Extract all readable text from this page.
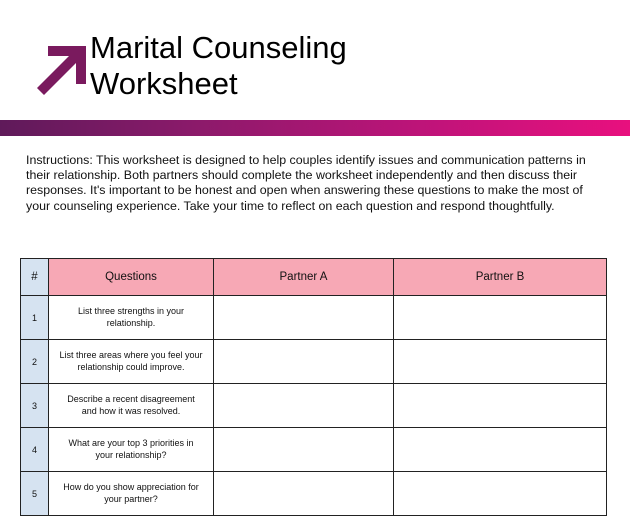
Marital Counseling
Worksheet

Instructions: This worksheet is designed to help couples identify issues and communication patterns in their relationship. Both partners should complete the worksheet independently and then discuss their responses. It's important to be honest and open when answering these questions to make the most of your counseling experience. Take your time to reflect on each question and respond thoughtfully.

#	Questions	Partner A	Partner B
1	List three strengths in your relationship.		
2	List three areas where you feel your relationship could improve.		
3	Describe a recent disagreement and how it was resolved.		
4	What are your top 3 priorities in your relationship?		
5	How do you show appreciation for your partner?		
